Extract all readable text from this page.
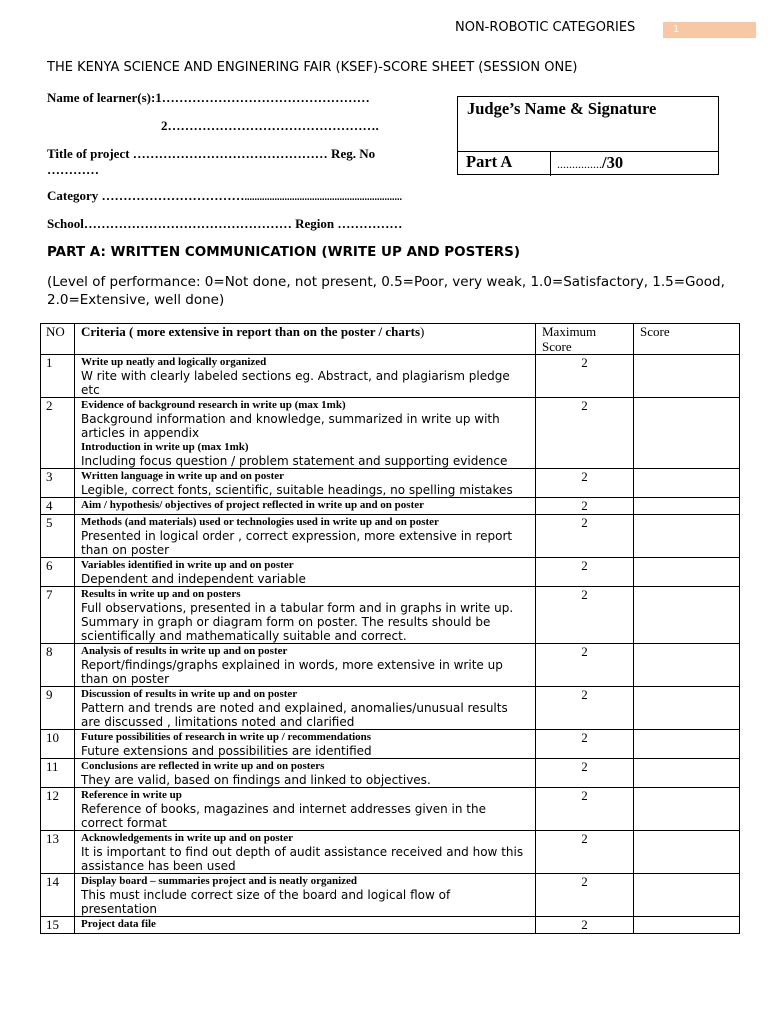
NON-ROBOTIC CATEGORIES	1
THE KENYA SCIENCE AND ENGINERING FAIR (KSEF)-SCORE SHEET (SESSION ONE)
Name of learner(s):1…………………………………………
2………………………………………….
Title of project ……………………………………… Reg. No …………
Category ……………………………...............................................................
School………………………………………… Region ……………
Judge’s Name & Signature
Part A	.............../30
PART A: WRITTEN COMMUNICATION (WRITE UP AND POSTERS)
(Level of performance: 0=Not done, not present, 0.5=Poor, very weak, 1.0=Satisfactory, 1.5=Good, 2.0=Extensive, well done)
NO	Criteria ( more extensive in report than on the poster / charts)	Maximum Score	Score
1	Write up neatly and logically organized
W rite with clearly labeled sections eg. Abstract, and plagiarism pledge etc	2	
2	Evidence of background research in write up (max 1mk)
Background information and knowledge, summarized in write up with articles in appendix
Introduction in write up (max 1mk)
Including focus question / problem statement and supporting evidence	2	
3	Written language in write up and on poster
Legible, correct fonts, scientific, suitable headings, no spelling mistakes	2	
4	Aim / hypothesis/ objectives of project reflected in write up and on poster	2	
5	Methods (and materials) used or technologies used in write up and on poster
Presented in logical order , correct expression, more extensive in report than on poster	2	
6	Variables identified in write up and on poster
Dependent and independent variable	2	
7	Results in write up and on posters
Full observations, presented in a tabular form and in graphs in write up. Summary in graph or diagram form on poster. The results should be scientifically and mathematically suitable and correct.	2	
8	Analysis of results in write up and on poster
Report/findings/graphs explained in words, more extensive in write up than on poster	2	
9	Discussion of results in write up and on poster
Pattern and trends are noted and explained, anomalies/unusual results are discussed , limitations noted and clarified	2	
10	Future possibilities of research in write up / recommendations
Future extensions and possibilities are identified	2	
11	Conclusions are reflected in write up and on posters
They are valid, based on findings and linked to objectives.	2	
12	Reference in write up
Reference of books, magazines and internet addresses given in the correct format	2	
13	Acknowledgements in write up and on poster
It is important to find out depth of audit assistance received and how this assistance has been used	2	
14	Display board – summaries project and is neatly organized
This must include correct size of the board and logical flow of presentation	2	
15	Project data file	2	
